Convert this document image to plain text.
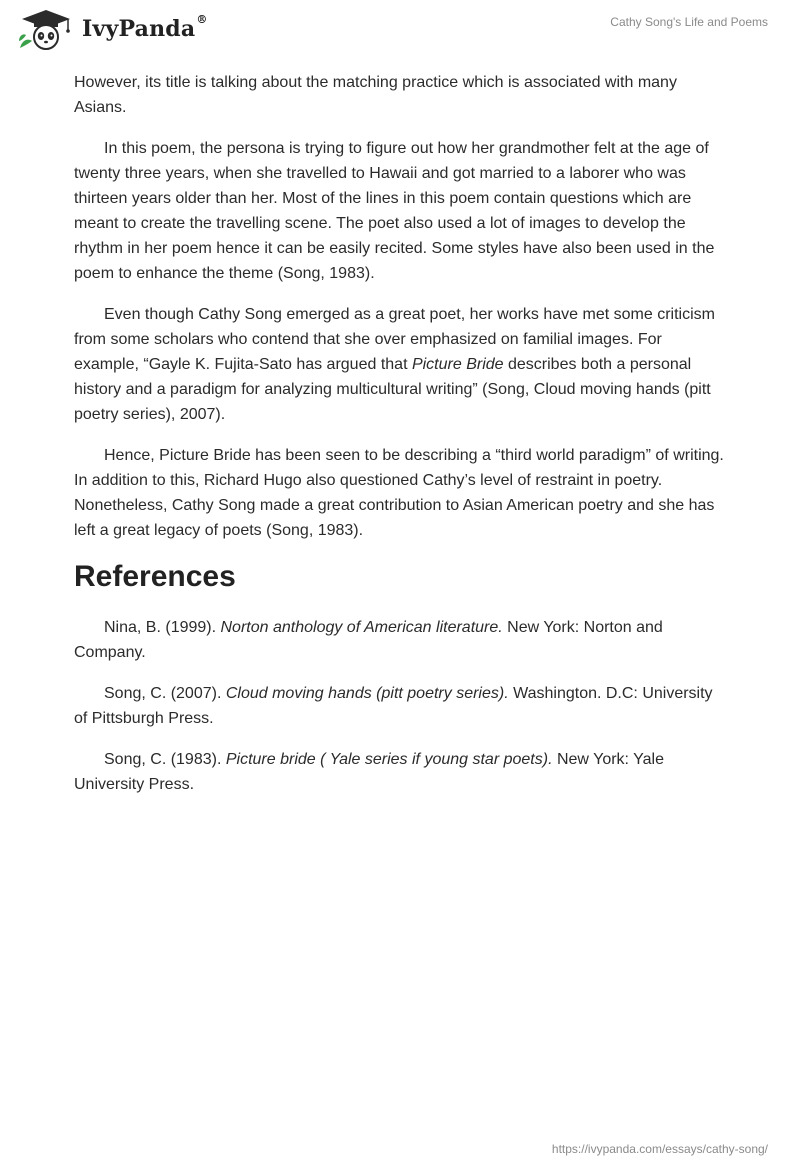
IvyPanda®	Cathy Song's Life and Poems

However, its title is talking about the matching practice which is associated with many Asians.

In this poem, the persona is trying to figure out how her grandmother felt at the age of twenty three years, when she travelled to Hawaii and got married to a laborer who was thirteen years older than her. Most of the lines in this poem contain questions which are meant to create the travelling scene. The poet also used a lot of images to develop the rhythm in her poem hence it can be easily recited. Some styles have also been used in the poem to enhance the theme (Song, 1983).

Even though Cathy Song emerged as a great poet, her works have met some criticism from some scholars who contend that she over emphasized on familial images. For example, “Gayle K. Fujita-Sato has argued that Picture Bride describes both a personal history and a paradigm for analyzing multicultural writing” (Song, Cloud moving hands (pitt poetry series), 2007).

Hence, Picture Bride has been seen to be describing a “third world paradigm” of writing. In addition to this, Richard Hugo also questioned Cathy’s level of restraint in poetry. Nonetheless, Cathy Song made a great contribution to Asian American poetry and she has left a great legacy of poets (Song, 1983).

References

Nina, B. (1999). Norton anthology of American literature. New York: Norton and Company.

Song, C. (2007). Cloud moving hands (pitt poetry series). Washington. D.C: University of Pittsburgh Press.

Song, C. (1983). Picture bride ( Yale series if young star poets). New York: Yale University Press.

https://ivypanda.com/essays/cathy-song/
